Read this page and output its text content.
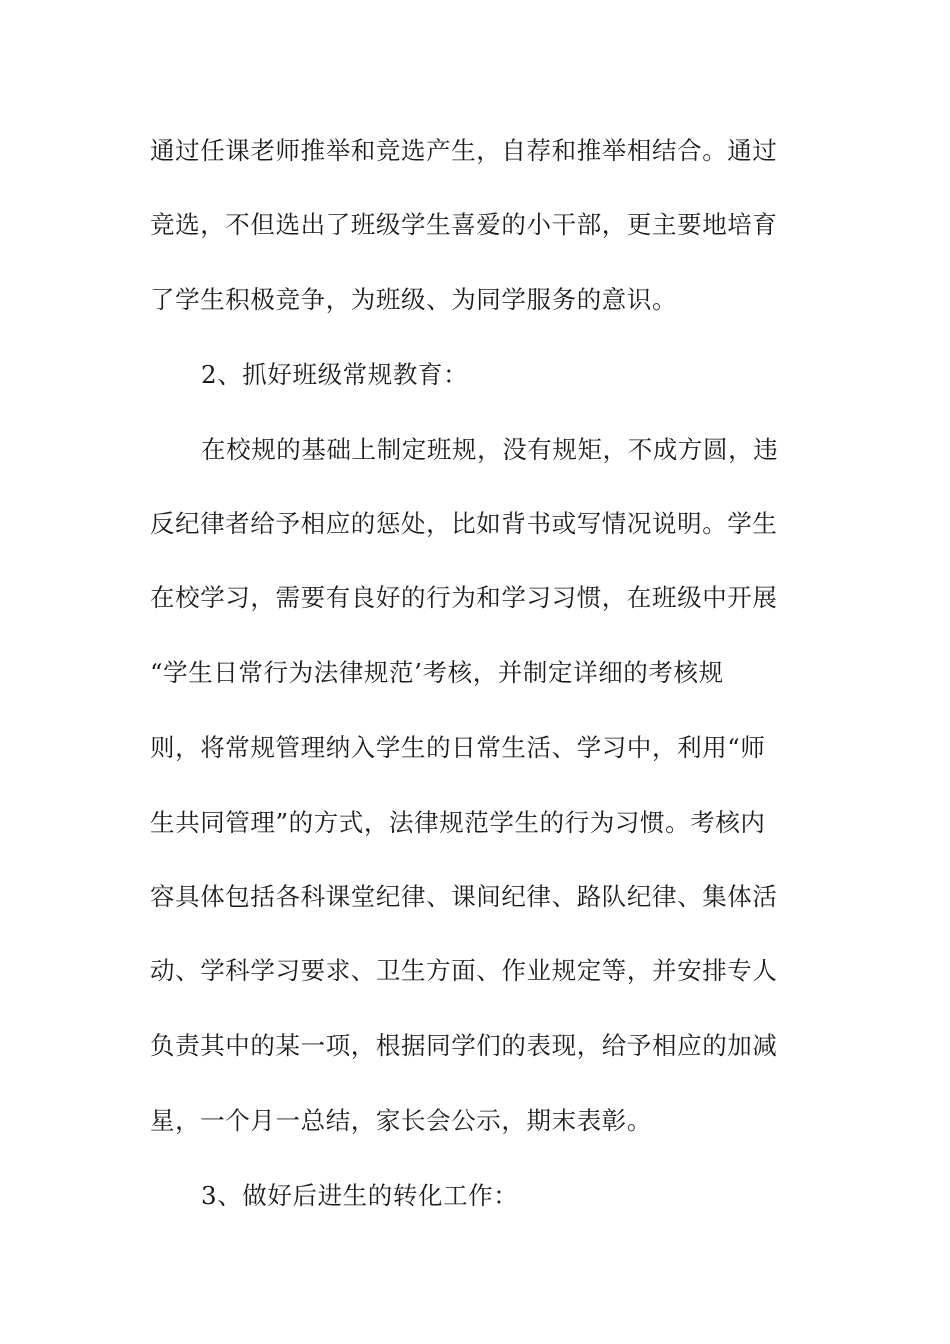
通过任课老师推举和竞选产生，自荐和推举相结合。通过
竞选，不但选出了班级学生喜爱的小干部，更主要地培育
了学生积极竞争，为班级、为同学服务的意识。
2、抓好班级常规教育：
在校规的基础上制定班规，没有规矩，不成方圆，违
反纪律者给予相应的惩处，比如背书或写情况说明。学生
在校学习，需要有良好的行为和学习习惯，在班级中开展
“学生日常行为法律规范’考核，并制定详细的考核规
则，将常规管理纳入学生的日常生活、学习中，利用“师
生共同管理”的方式，法律规范学生的行为习惯。考核内
容具体包括各科课堂纪律、课间纪律、路队纪律、集体活
动、学科学习要求、卫生方面、作业规定等，并安排专人
负责其中的某一项，根据同学们的表现，给予相应的加减
星，一个月一总结，家长会公示，期末表彰。
3、做好后进生的转化工作：
